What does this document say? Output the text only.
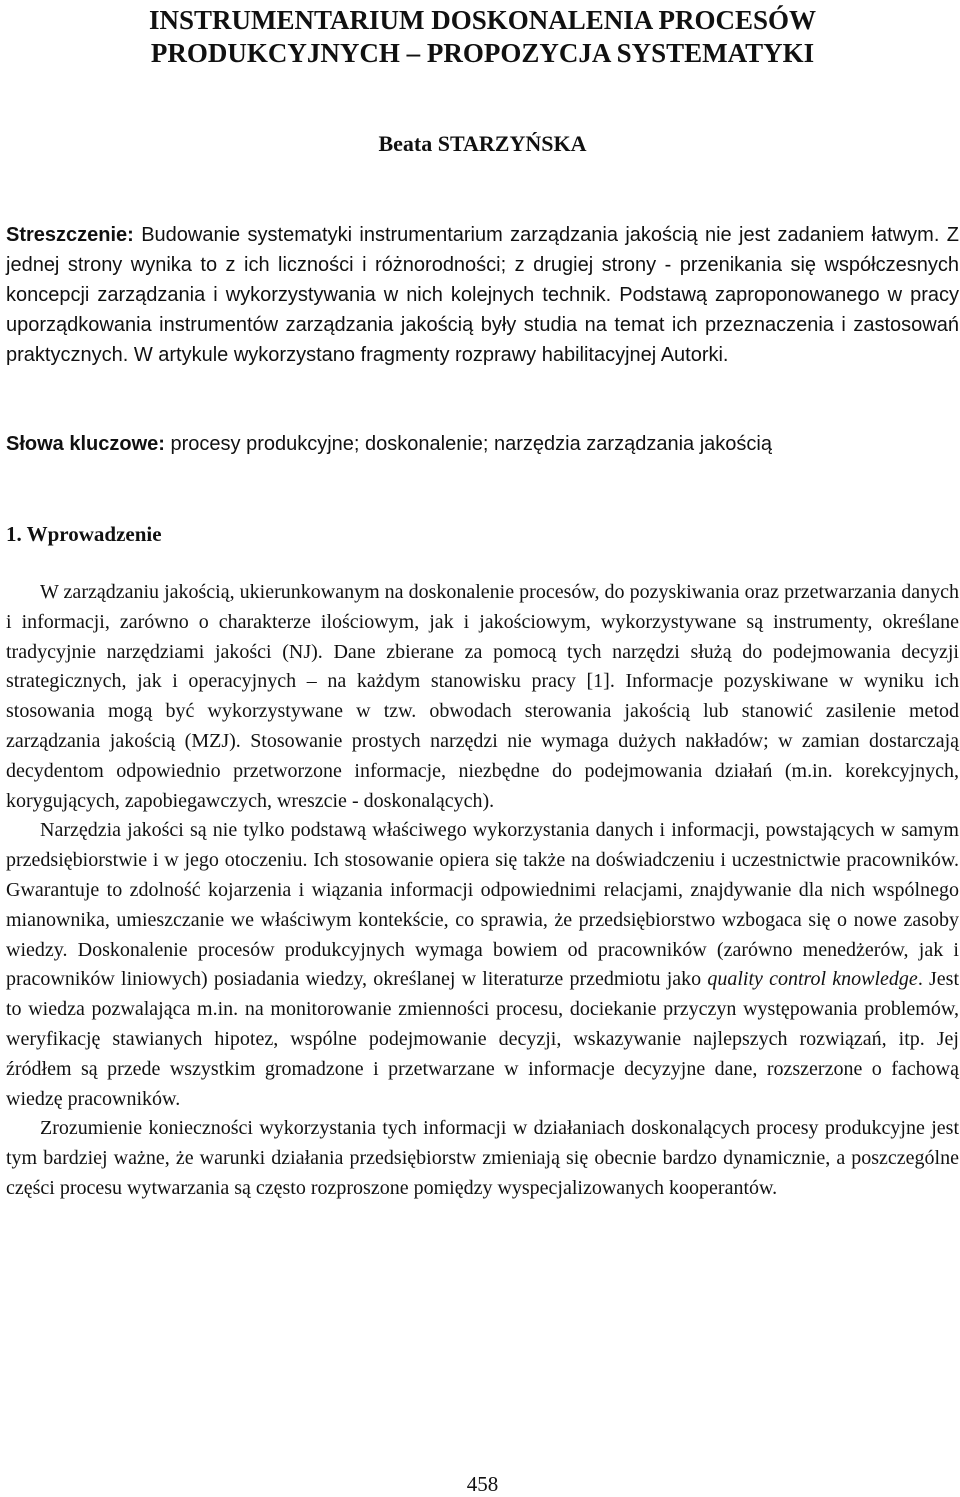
INSTRUMENTARIUM DOSKONALENIA PROCESÓW
PRODUKCYJNYCH – PROPOZYCJA SYSTEMATYKI
Beata STARZYŃSKA
Streszczenie: Budowanie systematyki instrumentarium zarządzania jakością nie jest zadaniem łatwym. Z jednej strony wynika to z ich liczności i różnorodności; z drugiej strony - przenikania się współczesnych koncepcji zarządzania i wykorzystywania w nich kolejnych technik. Podstawą zaproponowanego w pracy uporządkowania instrumentów zarządzania jakością były studia na temat ich przeznaczenia i zastosowań praktycznych. W artykule wykorzystano fragmenty rozprawy habilitacyjnej Autorki.
Słowa kluczowe: procesy produkcyjne; doskonalenie; narzędzia zarządzania jakością
1. Wprowadzenie

W zarządzaniu jakością, ukierunkowanym na doskonalenie procesów, do pozyskiwania oraz przetwarzania danych i informacji, zarówno o charakterze ilościowym, jak i jakościowym, wykorzystywane są instrumenty, określane tradycyjnie narzędziami jakości (NJ). Dane zbierane za pomocą tych narzędzi służą do podejmowania decyzji strategicznych, jak i operacyjnych – na każdym stanowisku pracy [1]. Informacje pozyskiwane w wyniku ich stosowania mogą być wykorzystywane w tzw. obwodach sterowania jakością lub stanowić zasilenie metod zarządzania jakością (MZJ). Stosowanie prostych narzędzi nie wymaga dużych nakładów; w zamian dostarczają decydentom odpowiednio przetworzone informacje, niezbędne do podejmowania działań (m.in. korekcyjnych, korygujących, zapobiegawczych, wreszcie - doskonalących).

Narzędzia jakości są nie tylko podstawą właściwego wykorzystania danych i informacji, powstających w samym przedsiębiorstwie i w jego otoczeniu. Ich stosowanie opiera się także na doświadczeniu i uczestnictwie pracowników. Gwarantuje to zdolność kojarzenia i wiązania informacji odpowiednimi relacjami, znajdywanie dla nich wspólnego mianownika, umieszczanie we właściwym kontekście, co sprawia, że przedsiębiorstwo wzbogaca się o nowe zasoby wiedzy. Doskonalenie procesów produkcyjnych wymaga bowiem od pracowników (zarówno menedżerów, jak i pracowników liniowych) posiadania wiedzy, określanej w literaturze przedmiotu jako quality control knowledge. Jest to wiedza pozwalająca m.in. na monitorowanie zmienności procesu, dociekanie przyczyn występowania problemów, weryfikację stawianych hipotez, wspólne podejmowanie decyzji, wskazywanie najlepszych rozwiązań, itp. Jej źródłem są przede wszystkim gromadzone i przetwarzane w informacje decyzyjne dane, rozszerzone o fachową wiedzę pracowników.

Zrozumienie konieczności wykorzystania tych informacji w działaniach doskonalących procesy produkcyjne jest tym bardziej ważne, że warunki działania przedsiębiorstw zmieniają się obecnie bardzo dynamicznie, a poszczególne części procesu wytwarzania są często rozproszone pomiędzy wyspecjalizowanych kooperantów.

458
